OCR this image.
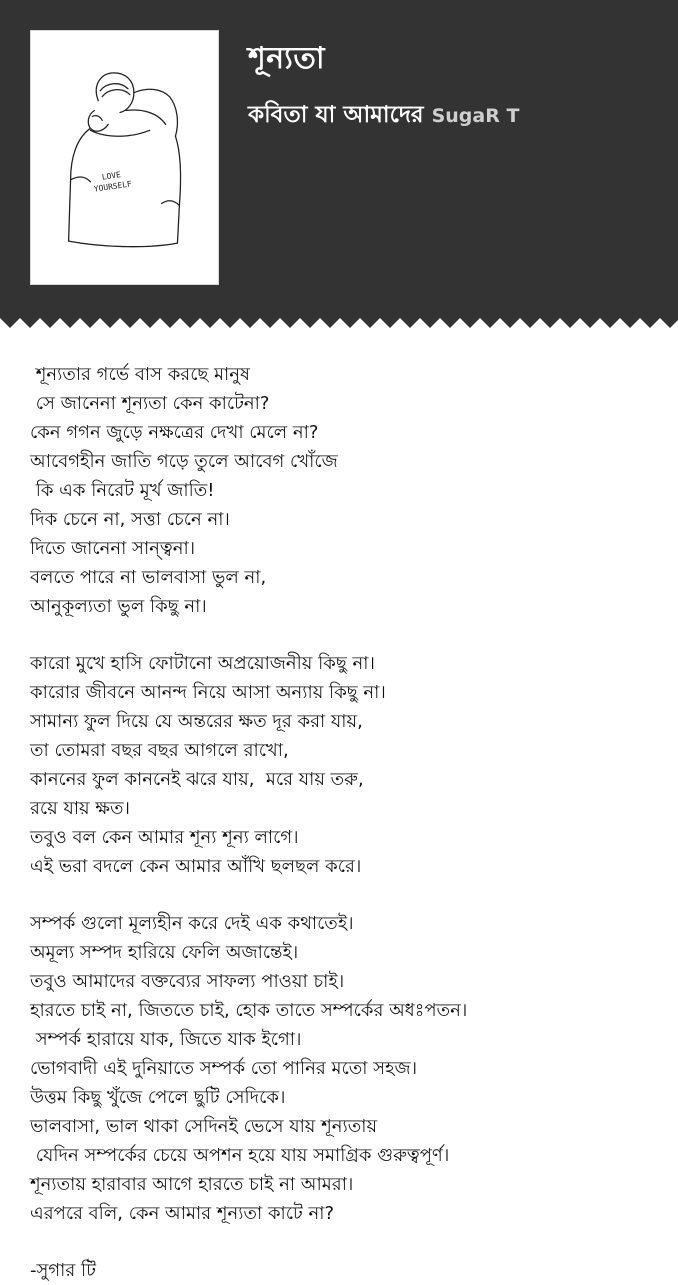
LOVE
YOURSELF
শূন্যতা
কবিতা যা আমাদের SugaR T
শূন্যতার গর্ভে বাস করছে মানুষ
সে জানেনা শূন্যতা কেন কাটেনা?
কেন গগন জুড়ে নক্ষত্রের দেখা মেলে না?
আবেগহীন জাতি গড়ে তুলে আবেগ খোঁজে
কি এক নিরেট মূর্খ জাতি!
দিক চেনে না, সত্তা চেনে না।
দিতে জানেনা সান্ত্বনা।
বলতে পারে না ভালবাসা ভুল না,
আনুকূল্যতা ভুল কিছু না।
কারো মুখে হাসি ফোটানো অপ্রয়োজনীয় কিছু না।
কারোর জীবনে আনন্দ নিয়ে আসা অন্যায় কিছু না।
সামান্য ফুল দিয়ে যে অন্তরের ক্ষত দূর করা যায়,
তা তোমরা বছর বছর আগলে রাখো,
কাননের ফুল কাননেই ঝরে যায়,  মরে যায় তরু,
রয়ে যায় ক্ষত।
তবুও বল কেন আমার শূন্য শূন্য লাগে।
এই ভরা বদলে কেন আমার আঁখি ছলছল করে।
সম্পর্ক গুলো মূল্যহীন করে দেই এক কথাতেই।
অমূল্য সম্পদ হারিয়ে ফেলি অজান্তেই।
তবুও আমাদের বক্তব্যের সাফল্য পাওয়া চাই।
হারতে চাই না, জিততে চাই, হোক তাতে সম্পর্কের অধঃপতন।
সম্পর্ক হারায়ে যাক, জিতে যাক ইগো।
ভোগবাদী এই দুনিয়াতে সম্পর্ক তো পানির মতো সহজ।
উত্তম কিছু খুঁজে পেলে ছুটি সেদিকে।
ভালবাসা, ভাল থাকা সেদিনই ভেসে যায় শূন্যতায়
যেদিন সম্পর্কের চেয়ে অপশন হয়ে যায় সমাগ্রিক গুরুত্বপূর্ণ।
শূন্যতায় হারাবার আগে হারতে চাই না আমরা।
এরপরে বলি, কেন আমার শূন্যতা কাটে না?
-সুগার টি
